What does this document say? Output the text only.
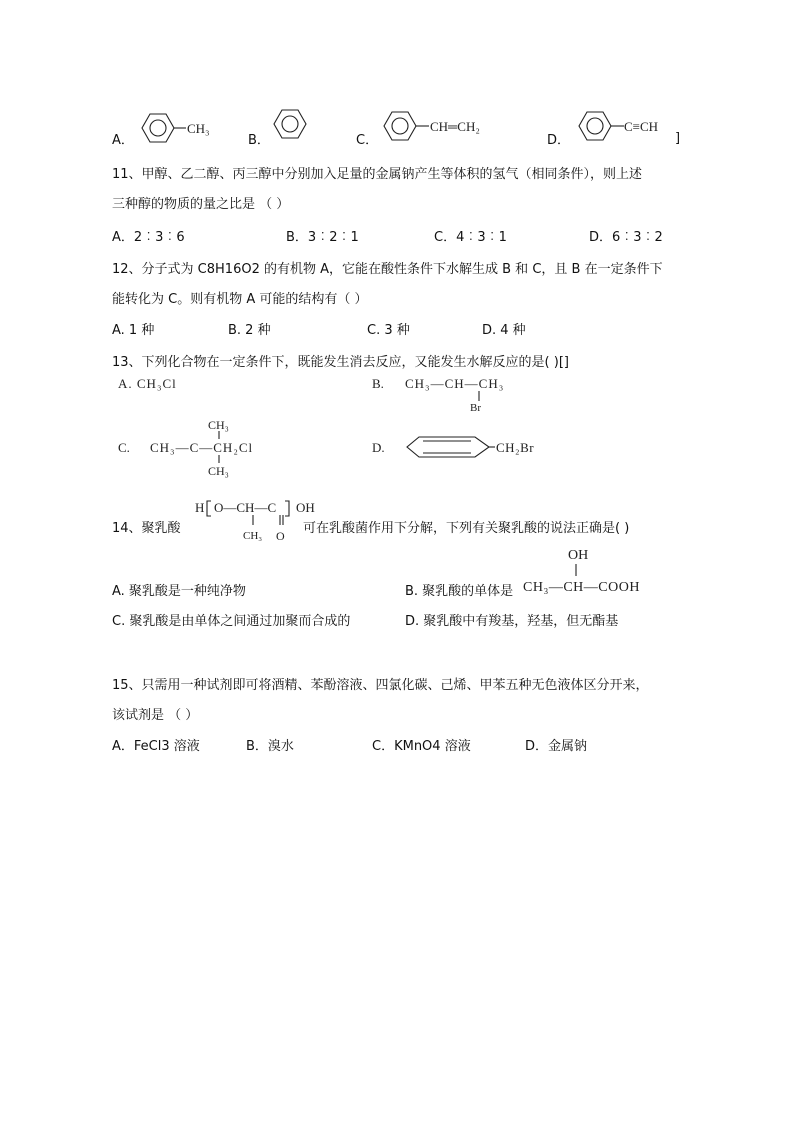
A．
CH₃
B．	C．
CH═CH₂
D．
C≡CH
]
11、甲醇、乙二醇、丙三醇中分别加入足量的金属钠产生等体积的氢气（相同条件），则上述
三种醇的物质的量之比是 （ ）
A．2︰3︰6	B．3︰2︰1	C．4︰3︰1	D．6︰3︰2
12、分子式为 C8H16O2 的有机物 A，它能在酸性条件下水解生成 B 和 C，且 B 在一定条件下
能转化为 C。则有机物 A 可能的结构有（ ）
A. 1 种	B. 2 种	C. 3 种	D. 4 种
13、下列化合物在一定条件下，既能发生消去反应，又能发生水解反应的是( )[]
A. CH₃Cl	B. CH₃—CH—CH₃
Br
C.
CH₃
CH₃—C—CH₂Cl
CH₃
D.	CH₂Br
14、聚乳酸
H O—CH—C OH
CH₃ O 可在乳酸菌作用下分解，下列有关聚乳酸的说法正确是( )
A. 聚乳酸是一种纯净物	B. 聚乳酸的单体是
OH
CH₃—CH—COOH
C. 聚乳酸是由单体之间通过加聚而合成的	D. 聚乳酸中有羧基，羟基，但无酯基
15、只需用一种试剂即可将酒精、苯酚溶液、四氯化碳、己烯、甲苯五种无色液体区分开来，
该试剂是 （ ）
A．FeCl3 溶液	B．溴水	C．KMnO4 溶液	D．金属钠
